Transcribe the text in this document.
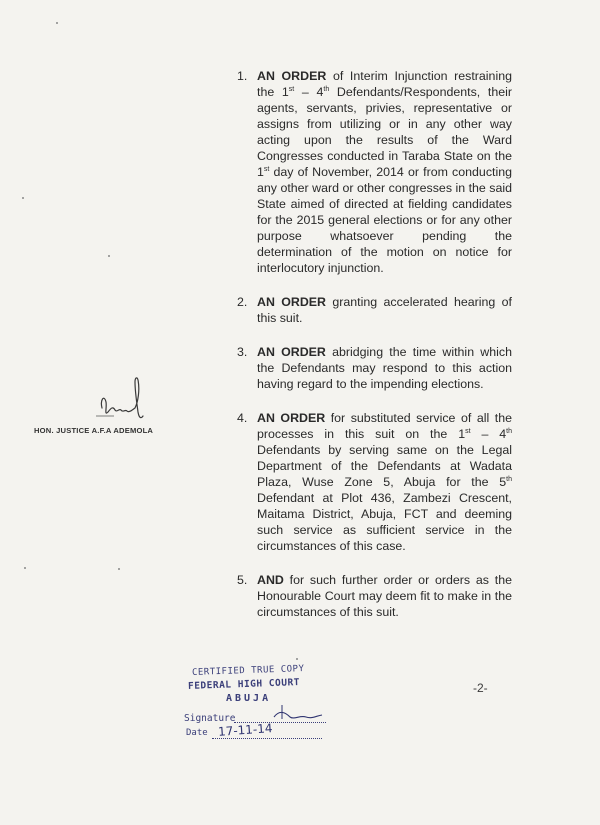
1. AN ORDER of Interim Injunction restraining the 1st – 4th Defendants/Respondents, their agents, servants, privies, representative or assigns from utilizing or in any other way acting upon the results of the Ward Congresses conducted in Taraba State on the 1st day of November, 2014 or from conducting any other ward or other congresses in the said State aimed of directed at fielding candidates for the 2015 general elections or for any other purpose whatsoever pending the determination of the motion on notice for interlocutory injunction.
2. AN ORDER granting accelerated hearing of this suit.
3. AN ORDER abridging the time within which the Defendants may respond to this action having regard to the impending elections.
4. AN ORDER for substituted service of all the processes in this suit on the 1st – 4th Defendants by serving same on the Legal Department of the Defendants at Wadata Plaza, Wuse Zone 5, Abuja for the 5th Defendant at Plot 436, Zambezi Crescent, Maitama District, Abuja, FCT and deeming such service as sufficient service in the circumstances of this case.
5. AND for such further order or orders as the Honourable Court may deem fit to make in the circumstances of this suit.
HON. JUSTICE A.F.A ADEMOLA
CERTIFIED TRUE COPY
FEDERAL HIGH COURT
ABUJA
Signature
Date 17-11-14
-2-
